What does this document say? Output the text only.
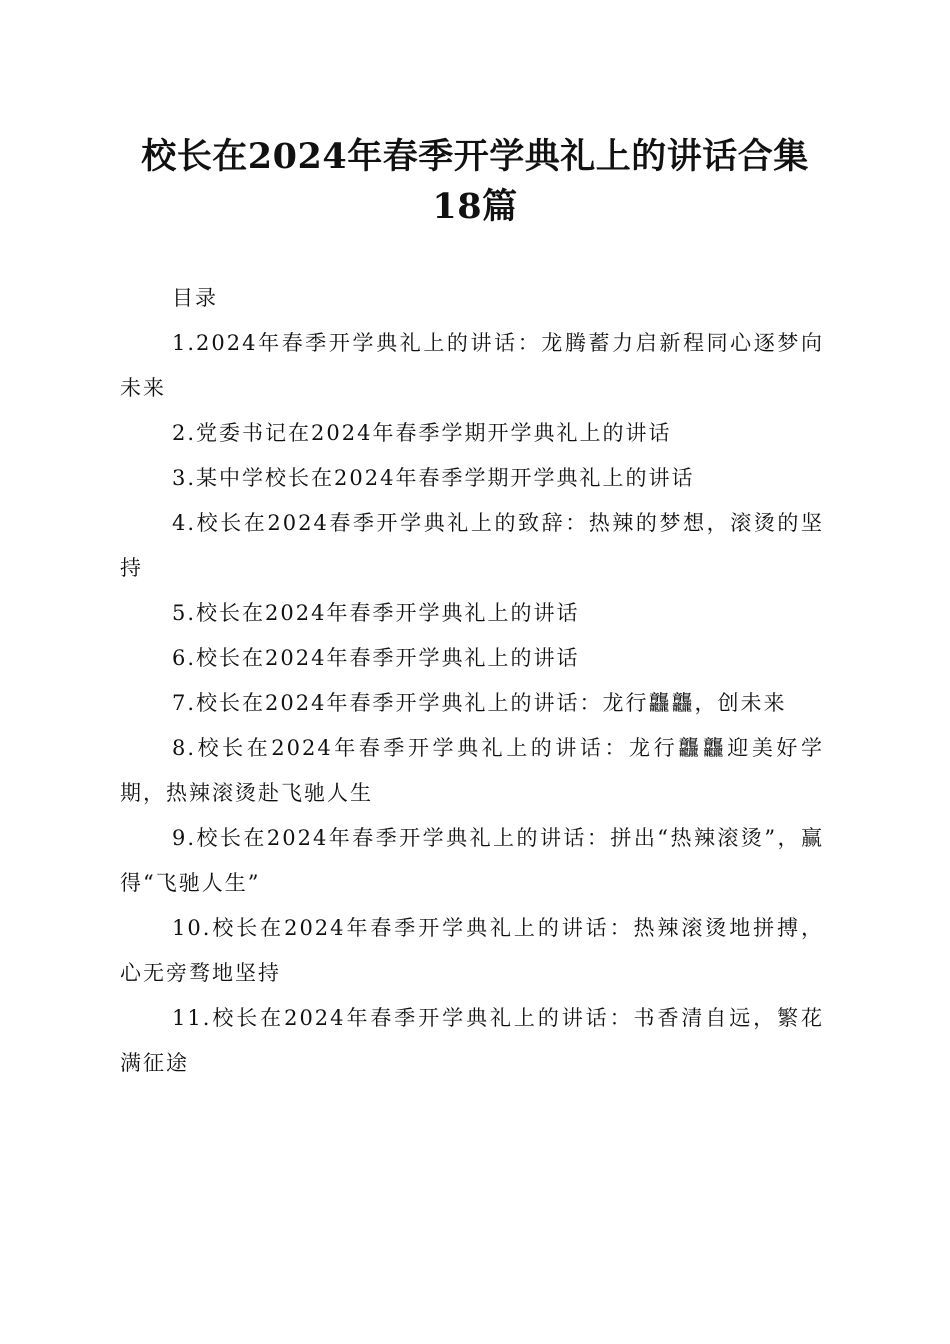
校长在2024年春季开学典礼上的讲话合集18篇

目录

1.2024年春季开学典礼上的讲话：龙腾蓄力启新程同心逐梦向未来
2.党委书记在2024年春季学期开学典礼上的讲话
3.某中学校长在2024年春季学期开学典礼上的讲话
4.校长在2024春季开学典礼上的致辞：热辣的梦想，滚烫的坚持
5.校长在2024年春季开学典礼上的讲话
6.校长在2024年春季开学典礼上的讲话
7.校长在2024年春季开学典礼上的讲话：龙行龘龘，创未来
8.校长在2024年春季开学典礼上的讲话：龙行龘龘迎美好学期，热辣滚烫赴飞驰人生
9.校长在2024年春季开学典礼上的讲话：拼出“热辣滚烫”，赢得“飞驰人生”
10.校长在2024年春季开学典礼上的讲话：热辣滚烫地拼搏，心无旁骛地坚持
11.校长在2024年春季开学典礼上的讲话：书香清自远，繁花满征途
